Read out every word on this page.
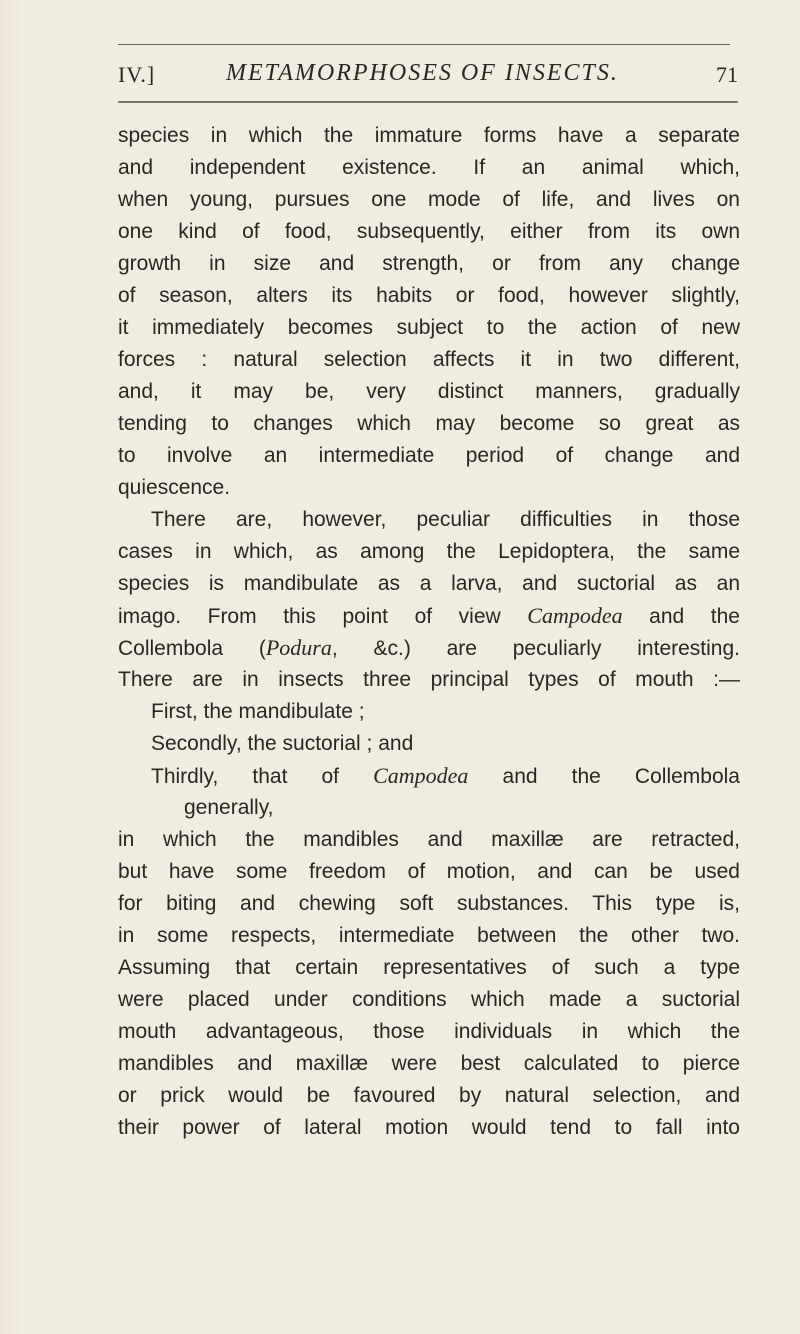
IV.]	METAMORPHOSES OF INSECTS.	71
species in which the immature forms have a separate
and independent existence. If an animal which,
when young, pursues one mode of life, and lives on
one kind of food, subsequently, either from its own
growth in size and strength, or from any change
of season, alters its habits or food, however slightly,
it immediately becomes subject to the action of new
forces : natural selection affects it in two different,
and, it may be, very distinct manners, gradually
tending to changes which may become so great as
to involve an intermediate period of change and
quiescence.
There are, however, peculiar difficulties in those
cases in which, as among the Lepidoptera, the same
species is mandibulate as a larva, and suctorial as an
imago. From this point of view Campodea and the
Collembola (Podura, &c.) are peculiarly interesting.
There are in insects three principal types of mouth :—
First, the mandibulate ;
Secondly, the suctorial ; and
Thirdly, that of Campodea and the Collembola
generally,
in which the mandibles and maxillæ are retracted,
but have some freedom of motion, and can be used
for biting and chewing soft substances. This type is,
in some respects, intermediate between the other two.
Assuming that certain representatives of such a type
were placed under conditions which made a suctorial
mouth advantageous, those individuals in which the
mandibles and maxillæ were best calculated to pierce
or prick would be favoured by natural selection, and
their power of lateral motion would tend to fall into
